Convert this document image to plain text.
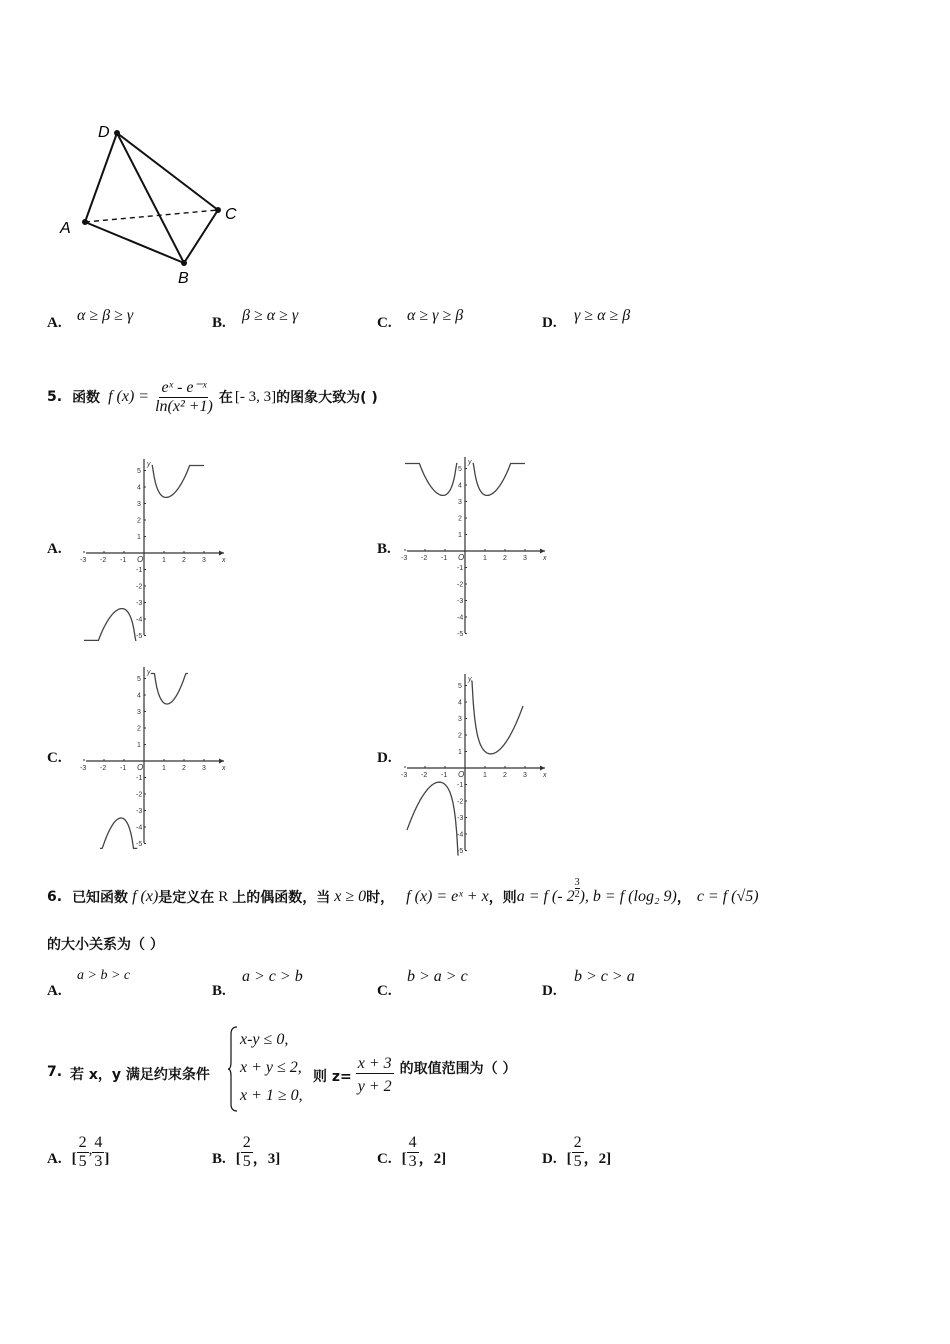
D
A
B
C
A. α ≥ β ≥ γ	B. β ≥ α ≥ γ	C. α ≥ γ ≥ β	D. γ ≥ α ≥ β
5. 函数 f $(x) = \frac{\text{eˣ - e⁻ˣ}}{\text{ln(x² +1)}}$ 在 [- 3, 3] 的图象大致为( )
A.	B.
C.	D.
-3 -2 -1 O	1 2 3 x
5
4
3
2
1
-1
-2
-3
-4
-5
y
-3 -2 -1 O	1 2 3 x
5
4
3
2
1
-1
-2
-3
-4
-5
y
-3 -2 -1 O	1 2 3 x
5
4
3
2
1
-1
-2
-3
-4
-5
y
-3 -2 -1 O	1 2 3 x
5
4
3
2
1
-1
-2
-3
-4
-5
y
6. 已知函数 f (x) 是定义在 R 上的偶函数，当 x ≥ 0 时， f (x) = eˣ + x ，则 a = f (- $2 \frac{3}{2}$ ), b = f (log₂ 9) ， c = f (√5)
的大小关系为（ ）
A.
a > b > c
B.
a > c > b
C.
b > a > c
D.
b > c > a
7. 若 x，y 满足约束条件
x-y ≤ 0,
x + y ≤ 2,
x + 1 ≥ 0,
则 $z= \frac{x + 3}{y + 2}$ 的取值范围为（ ）
A. [ $\frac{2}{5}$ , $\frac{4}{3}$ ]	B. [ $\frac{2}{5}$ ， 3 ]	C. [ $\frac{4}{3}$ ， 2 ]	D. [ $\frac{2}{5}$ ， 2 ]
